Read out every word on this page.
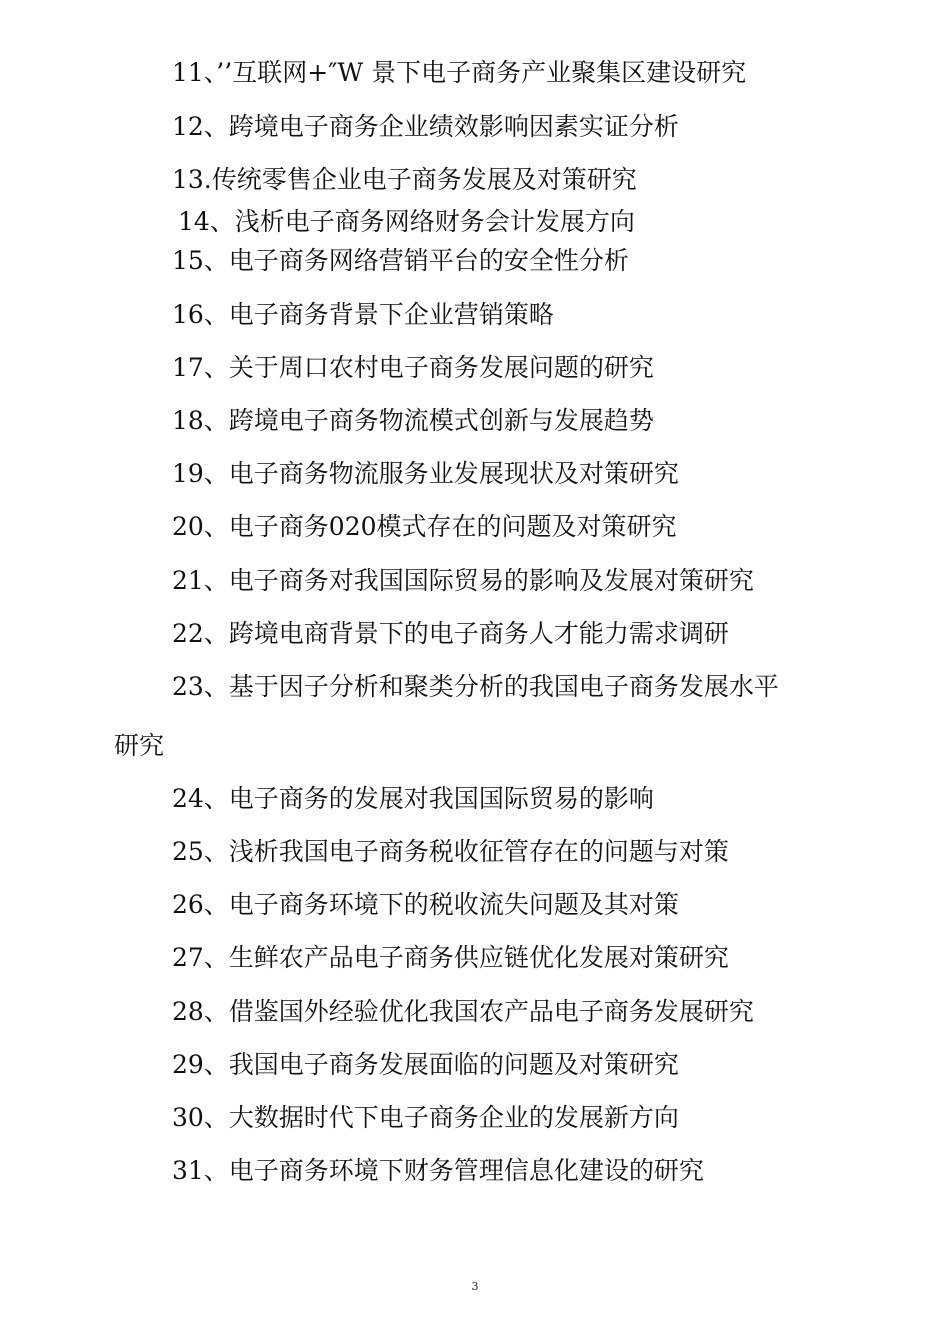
11、’’互联网+″W 景下电子商务产业聚集区建设研究
12、跨境电子商务企业绩效影响因素实证分析
13.传统零售企业电子商务发展及对策研究
14、浅析电子商务网络财务会计发展方向
15、电子商务网络营销平台的安全性分析
16、电子商务背景下企业营销策略
17、关于周口农村电子商务发展问题的研究
18、跨境电子商务物流模式创新与发展趋势
19、电子商务物流服务业发展现状及对策研究
20、电子商务020模式存在的问题及对策研究
21、电子商务对我国国际贸易的影响及发展对策研究
22、跨境电商背景下的电子商务人才能力需求调研
23、基于因子分析和聚类分析的我国电子商务发展水平
研究
24、电子商务的发展对我国国际贸易的影响
25、浅析我国电子商务税收征管存在的问题与对策
26、电子商务环境下的税收流失问题及其对策
27、生鲜农产品电子商务供应链优化发展对策研究
28、借鉴国外经验优化我国农产品电子商务发展研究
29、我国电子商务发展面临的问题及对策研究
30、大数据时代下电子商务企业的发展新方向
31、电子商务环境下财务管理信息化建设的研究
3
